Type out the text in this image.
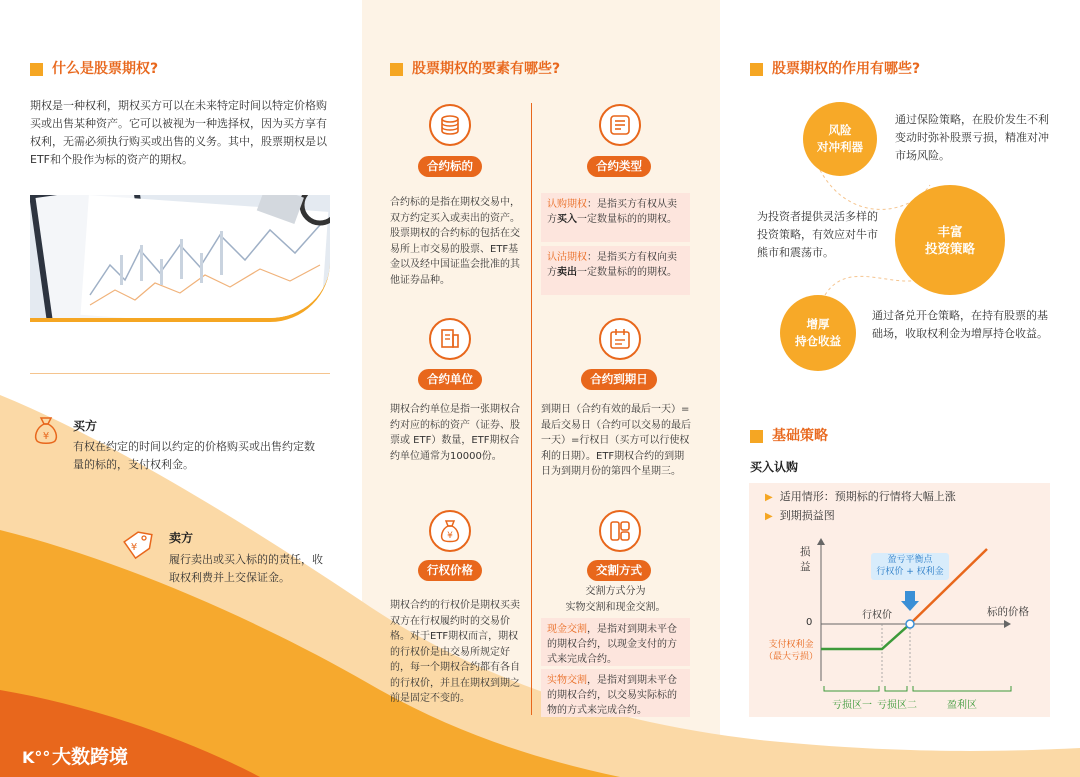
什么是股票期权?
期权是一种权利，期权买方可以在未来特定时间以特定价格购买或出售某种资产。它可以被视为一种选择权，因为买方享有权利，无需必须执行购买或出售的义务。其中，股票期权是以ETF和个股作为标的资产的期权。
¥
买方
有权在约定的时间以约定的价格购买或出售约定数量的标的，支付权利金。
¥
卖方
履行卖出或买入标的的责任，收取权利费并上交保证金。
K°°大数跨境
股票期权的要素有哪些?
合约标的
合约标的是指在期权交易中，双方约定买入或卖出的资产。股票期权的合约标的包括在交易所上市交易的股票、ETF基金以及经中国证监会批准的其他证券品种。
合约类型
认购期权：是指买方有权从卖方买入一定数量标的的期权。
认沽期权：是指买方有权向卖方卖出一定数量标的的期权。
合约单位
期权合约单位是指一张期权合约对应的标的资产（证券、股票或 ETF）数量，ETF期权合约单位通常为10000份。
合约到期日
到期日（合约有效的最后一天）=最后交易日（合约可以交易的最后一天）=行权日（买方可以行使权利的日期）。ETF期权合约的到期日为到期月份的第四个星期三。
¥
行权价格
期权合约的行权价是期权买卖双方在行权履约时的交易价格。对于ETF期权而言，期权的行权价是由交易所规定好的，每一个期权合约都有各自的行权价，并且在期权到期之前是固定不变的。
交割方式
交割方式分为
实物交割和现金交割。
现金交割，是指对到期未平仓的期权合约，以现金支付的方式来完成合约。
实物交割，是指对到期未平仓的期权合约，以交易实际标的物的方式来完成合约。
股票期权的作用有哪些?
风险
对冲利器
通过保险策略，在股价发生不利变动时弥补股票亏损，精准对冲市场风险。
丰富
投资策略
为投资者提供灵活多样的投资策略，有效应对牛市熊市和震荡市。
增厚
持仓收益
通过备兑开仓策略，在持有股票的基础场，收取权利金为增厚持仓收益。
基础策略
买入认购
▶ 适用情形：预期标的行情将大幅上涨
▶ 到期损益图
损
益
0
行权价	标的价格
盈亏平衡点
行权价 + 权利金
支付权利金
（最大亏损）
亏损区一 亏损区二	盈利区
